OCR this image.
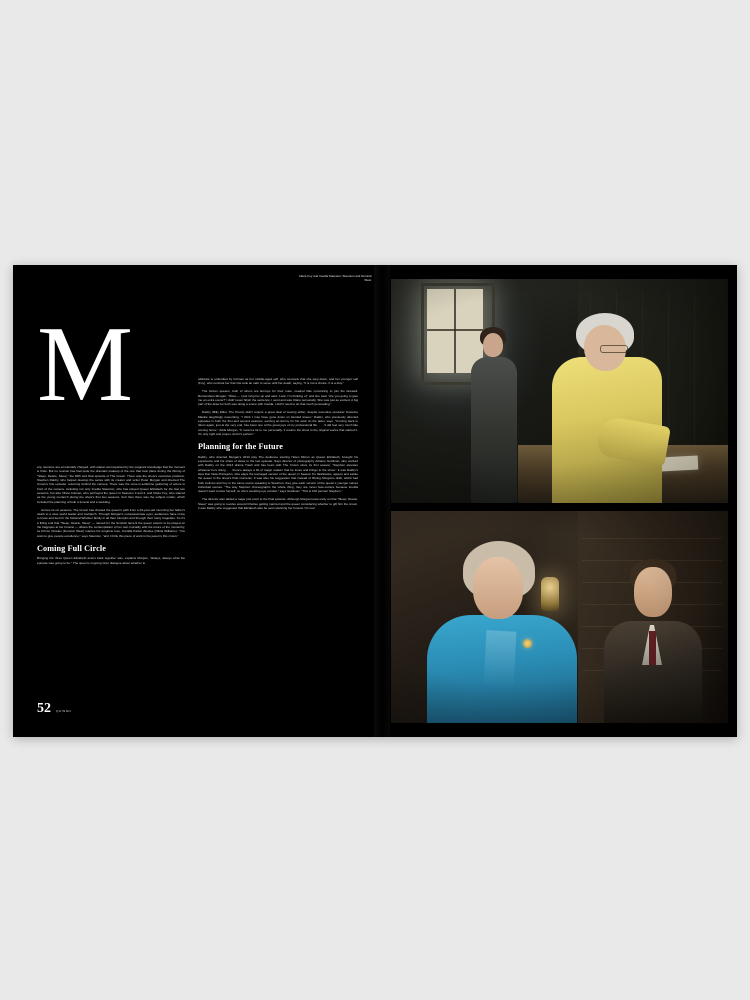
M

any reunions are emotionally charged, with elation accompanied by the poignant knowledge that the moment is finite. But no reunion has had quite the dramatic makeup of the one that took place during the filming of "Sleep, Dearie, Sleep," the 60th and final episode of The Crown. There was the show's executive producer, Stephen Daldry, who helped develop the series with its creator and writer Peter Morgan and directed The Crown's first episode, returning behind the camera. There was the once-in-a-lifetime gathering of actors in front of the camera, including not only Imelda Staunton, who has played Queen Elizabeth for the last two seasons, but also Olivia Colman, who portrayed the queen in Seasons 3 and 4, and Claire Foy, who starred as the young monarch during the show's first two seasons. And then there was the subject matter, which included the planning of both a funeral and a wedding.

Across its six seasons, The Crown has charted the queen's path from a 29-year-old mourning her father's death to a wise world leader and matriarch. Through Morgan's compassionate eyes, audiences have come to know and feel for the fictional Windsor family in all their triumphs and through their many tragedies. So it's a fitting end that "Sleep, Dearie, Sleep" — named for the Scottish lament the queen selects to be played on the bagpipes at her funeral — offsets the contemplation of her own mortality with the future of the monarchy, as Prince Charles (Dominic West) marries his longtime love, Camilla Parker Bowles (Olivia Williams). "You want to give people excellence," says Staunton, "and I think this piece of work is the jewel in this crown."

Coming Full Circle

Bringing the three Queen Elizabeth actors back together was, explains Morgan, "always, always what the episode was going to be." The queen's ongoing inner dialogue about whether to

abdicate is embodied by Colman as her middle-aged self, who counsels that she step down, and her younger self (Foy), who reminds her that she took an oath to serve until her death, saying, "It is not a choice. It is a duty."

The former queens, both of whom are Emmys for their roles, needed little convincing to join the farewell. Remembers Morgan, "Oliva — I just rang her up and said, 'Look, I'm thinking of,' and she said, 'Are you going to give me an extra scene?' I didn't even finish the sentence. I went and saw Claire personally. She was just as excited. A big part of the draw for both was doing a scene with Imelda. I didn't need to do that much persuading."

Daldry (Billy Elliot, The Hours) didn't require a great deal of wooing either, despite executive producer Suzanne Mackie laughingly recounting, "I think I may have gone down on bended knees." Daldry, who previously directed episodes in both the first and second seasons, earning an Emmy for his work on the latter, says, "Coming back to direct again, just at the very end, has been one of the great joys of my professional life. . . . It did feel very much like coming home." Adds Morgan, "It meant a lot to me personally. It returns the show to the original voices that started it. It's only right and proper. And it's perfect."

Planning for the Future

Daldry, who directed Morgan's 2013 play The Audience starring Helen Mirren as Queen Elizabeth, brought his experience and his share of ideas to the last episode. Says director of photography Adriano Goldman, who worked with Daldry on the 2014 drama Trash and has been with The Crown since its first season, "Stephen elevates whatever he's doing . . . there's always a bit of magic realism that he loves and brings to the show." It was Daldry's idea that Viola Prettejohn, who plays the teenaged version of the queen in Season 6's flashbacks, appear and salute the queen in the show's final moments. It was also his suggestion that instead of filming Morgan's draft, which had both Colman and Foy in the same scene speaking to Staunton, they give each version of the queen's younger selves individual scenes. "The way Stephen choreographs the whole thing, they are never face-to-face because Imelda doesn't want to face herself, so she's avoiding eye contact," says Goldman. "This is 100 percent Stephen."

The director also added a major plot point to the final episode. Although Morgan knew early on that "Sleep, Dearie, Sleep" was going to revolve around Charles getting married and the queen considering whether to gift him the crown, it was Daldry who suggested that Elizabeth also be seen planning her funeral. On real

52 QUINNN
Claire Foy and Imelda Staunton; Staunton and Dominic West.
